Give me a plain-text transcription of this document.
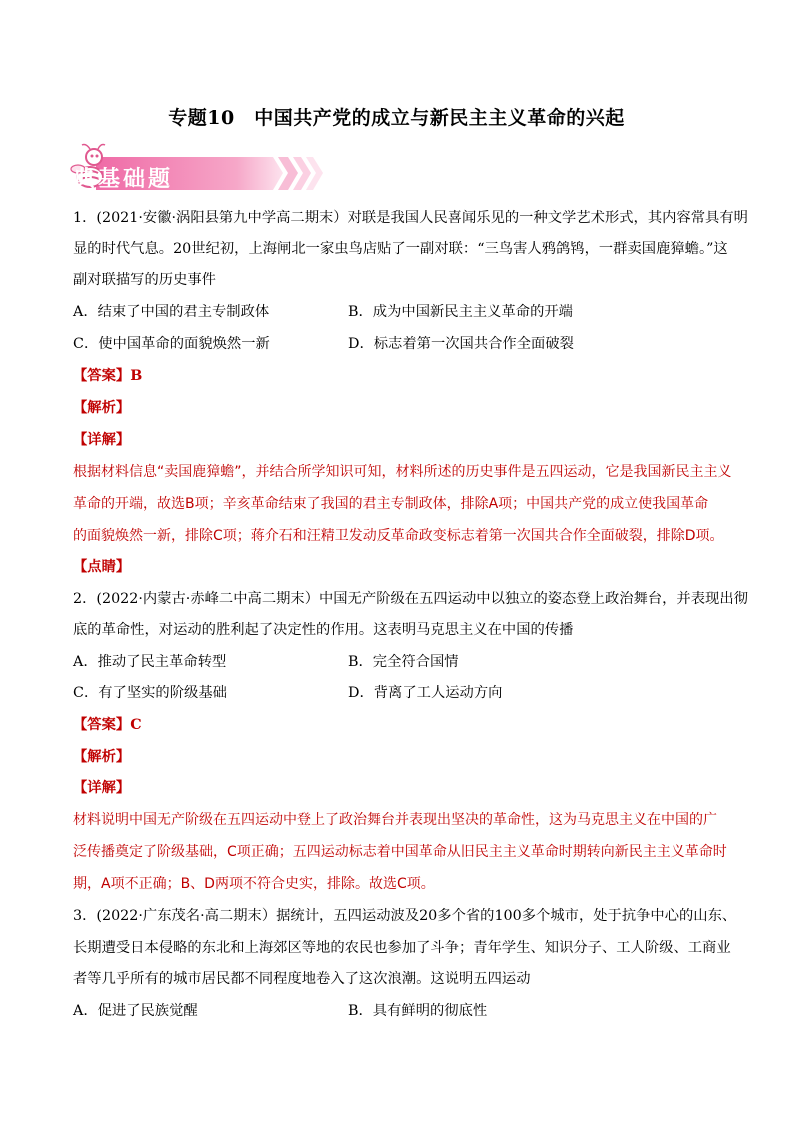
专题10　中国共产党的成立与新民主主义革命的兴起
经典基础题
1．(2021·安徽·涡阳县第九中学高二期末）对联是我国人民喜闻乐见的一种文学艺术形式，其内容常具有明
显的时代气息。20世纪初，上海闸北一家虫鸟店贴了一副对联：“三鸟害人鸦鸽鸨，一群卖国鹿獐蟾。”这
副对联描写的历史事件
A．结束了中国的君主专制政体	B．成为中国新民主主义革命的开端
C．使中国革命的面貌焕然一新	D．标志着第一次国共合作全面破裂
【答案】B
【解析】
【详解】
根据材料信息“卖国鹿獐蟾”，并结合所学知识可知，材料所述的历史事件是五四运动，它是我国新民主主义
革命的开端，故选B项；辛亥革命结束了我国的君主专制政体，排除A项；中国共产党的成立使我国革命
的面貌焕然一新，排除C项；蒋介石和汪精卫发动反革命政变标志着第一次国共合作全面破裂，排除D项。
【点睛】
2．(2022·内蒙古·赤峰二中高二期末）中国无产阶级在五四运动中以独立的姿态登上政治舞台，并表现出彻
底的革命性，对运动的胜利起了决定性的作用。这表明马克思主义在中国的传播
A．推动了民主革命转型	B．完全符合国情
C．有了坚实的阶级基础	D．背离了工人运动方向
【答案】C
【解析】
【详解】
材料说明中国无产阶级在五四运动中登上了政治舞台并表现出坚决的革命性，这为马克思主义在中国的广
泛传播奠定了阶级基础，C项正确；五四运动标志着中国革命从旧民主主义革命时期转向新民主主义革命时
期，A项不正确；B、D两项不符合史实，排除。故选C项。
3．(2022·广东茂名·高二期末）据统计，五四运动波及20多个省的100多个城市，处于抗争中心的山东、
长期遭受日本侵略的东北和上海郊区等地的农民也参加了斗争；青年学生、知识分子、工人阶级、工商业
者等几乎所有的城市居民都不同程度地卷入了这次浪潮。这说明五四运动
A．促进了民族觉醒	B．具有鲜明的彻底性
